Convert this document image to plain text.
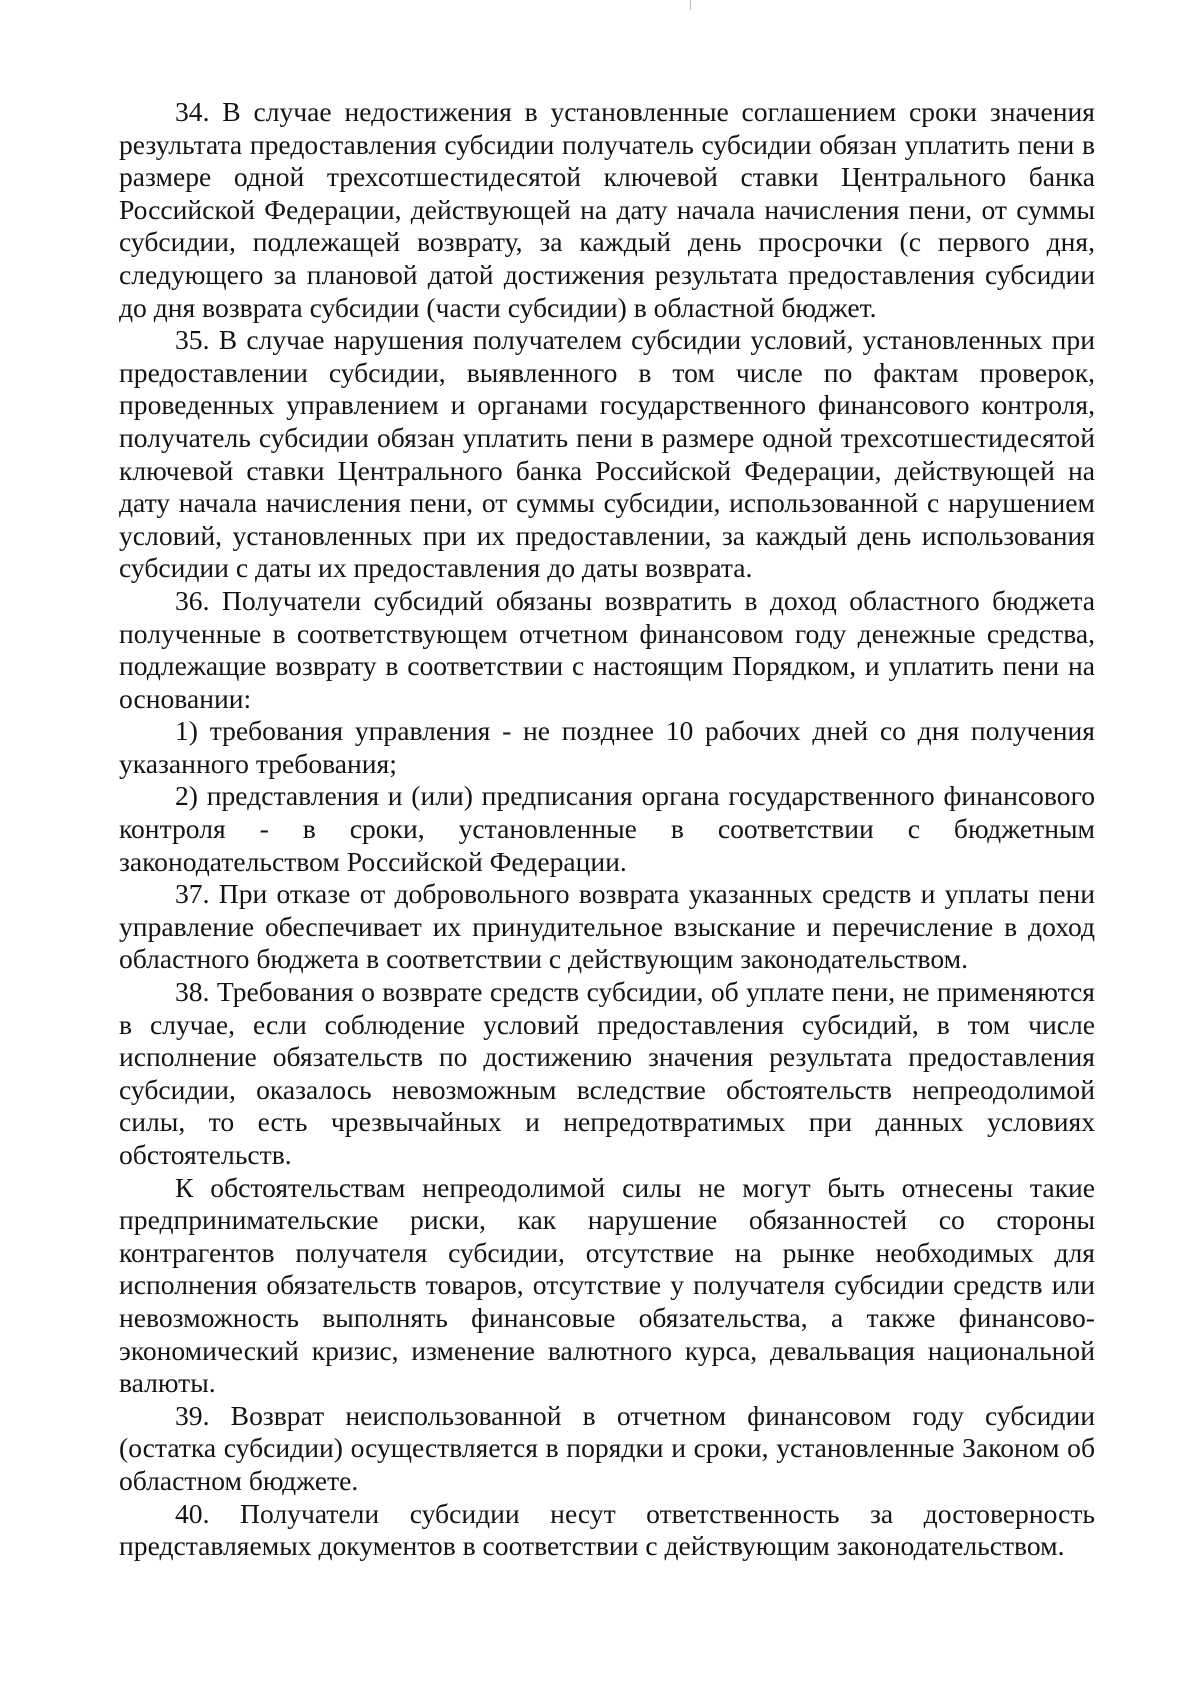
34. В случае недостижения в установленные соглашением сроки значения результата предоставления субсидии получатель субсидии обязан уплатить пени в размере одной трехсотшестидесятой ключевой ставки Центрального банка Российской Федерации, действующей на дату начала начисления пени, от суммы субсидии, подлежащей возврату, за каждый день просрочки (с первого дня, следующего за плановой датой достижения результата предоставления субсидии до дня возврата субсидии (части субсидии) в областной бюджет.

35. В случае нарушения получателем субсидии условий, установленных при предоставлении субсидии, выявленного в том числе по фактам проверок, проведенных управлением и органами государственного финансового контроля, получатель субсидии обязан уплатить пени в размере одной трехсотшестидесятой ключевой ставки Центрального банка Российской Федерации, действующей на дату начала начисления пени, от суммы субсидии, использованной с нарушением условий, установленных при их предоставлении, за каждый день использования субсидии с даты их предоставления до даты возврата.

36. Получатели субсидий обязаны возвратить в доход областного бюджета полученные в соответствующем отчетном финансовом году денежные средства, подлежащие возврату в соответствии с настоящим Порядком, и уплатить пени на основании:

1) требования управления - не позднее 10 рабочих дней со дня получения указанного требования;

2) представления и (или) предписания органа государственного финансового контроля - в сроки, установленные в соответствии с бюджетным законодательством Российской Федерации.

37. При отказе от добровольного возврата указанных средств и уплаты пени управление обеспечивает их принудительное взыскание и перечисление в доход областного бюджета в соответствии с действующим законодательством.

38. Требования о возврате средств субсидии, об уплате пени, не применяются в случае, если соблюдение условий предоставления субсидий, в том числе исполнение обязательств по достижению значения результата предоставления субсидии, оказалось невозможным вследствие обстоятельств непреодолимой силы, то есть чрезвычайных и непредотвратимых при данных условиях обстоятельств.

К обстоятельствам непреодолимой силы не могут быть отнесены такие предпринимательские риски, как нарушение обязанностей со стороны контрагентов получателя субсидии, отсутствие на рынке необходимых для исполнения обязательств товаров, отсутствие у получателя субсидии средств или невозможность выполнять финансовые обязательства, а также финансово-экономический кризис, изменение валютного курса, девальвация национальной валюты.

39. Возврат неиспользованной в отчетном финансовом году субсидии (остатка субсидии) осуществляется в порядки и сроки, установленные Законом об областном бюджете.

40. Получатели субсидии несут ответственность за достоверность представляемых документов в соответствии с действующим законодательством.
